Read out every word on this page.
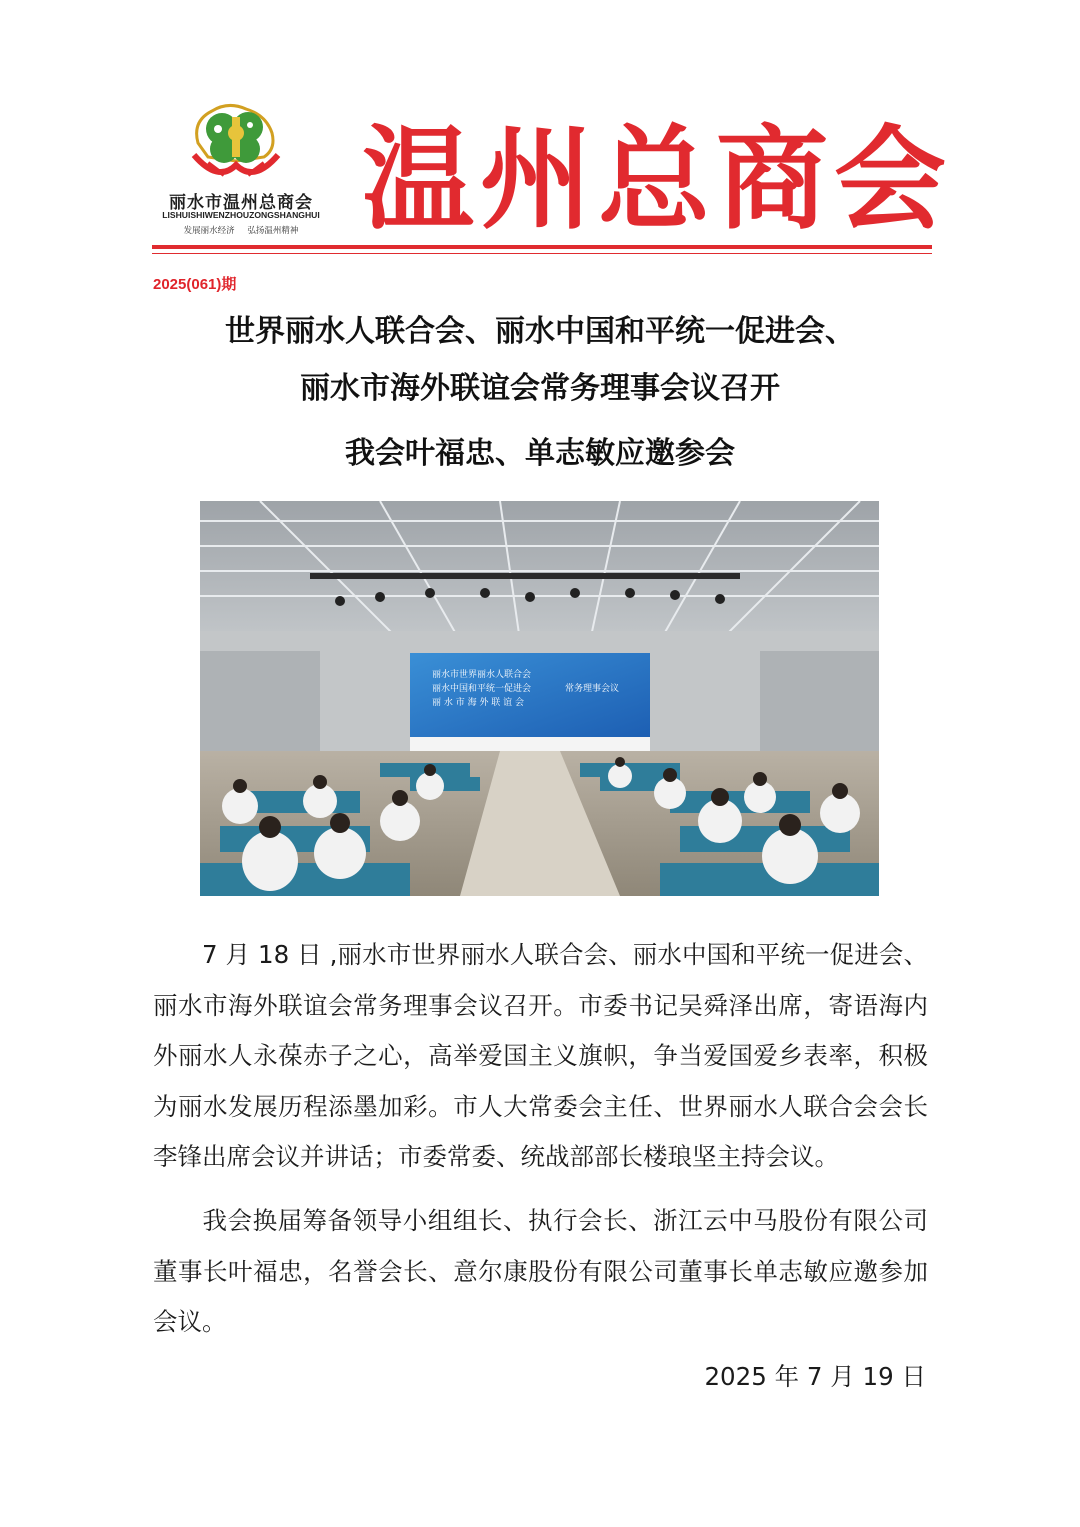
丽水市温州总商会
LISHUISHIWENZHOUZONGSHANGHUI
发展丽水经济 弘扬温州精神 温州总商会
2025(061)期
世界丽水人联合会、丽水中国和平统一促进会、
丽水市海外联谊会常务理事会议召开
我会叶福忠、单志敏应邀参会
丽水市世界丽水人联合会
丽水中国和平统一促进会
丽 水 市 海 外 联 谊 会
常务理事会议
7 月 18 日 ,丽水市世界丽水人联合会、丽水中国和平统一促进会、丽水市海外联谊会常务理事会议召开。市委书记吴舜泽出席，寄语海内外丽水人永葆赤子之心，高举爱国主义旗帜，争当爱国爱乡表率，积极为丽水发展历程添墨加彩。市人大常委会主任、世界丽水人联合会会长李锋出席会议并讲话；市委常委、统战部部长楼琅坚主持会议。
我会换届筹备领导小组组长、执行会长、浙江云中马股份有限公司董事长叶福忠，名誉会长、意尔康股份有限公司董事长单志敏应邀参加会议。
2025 年 7 月 19 日
